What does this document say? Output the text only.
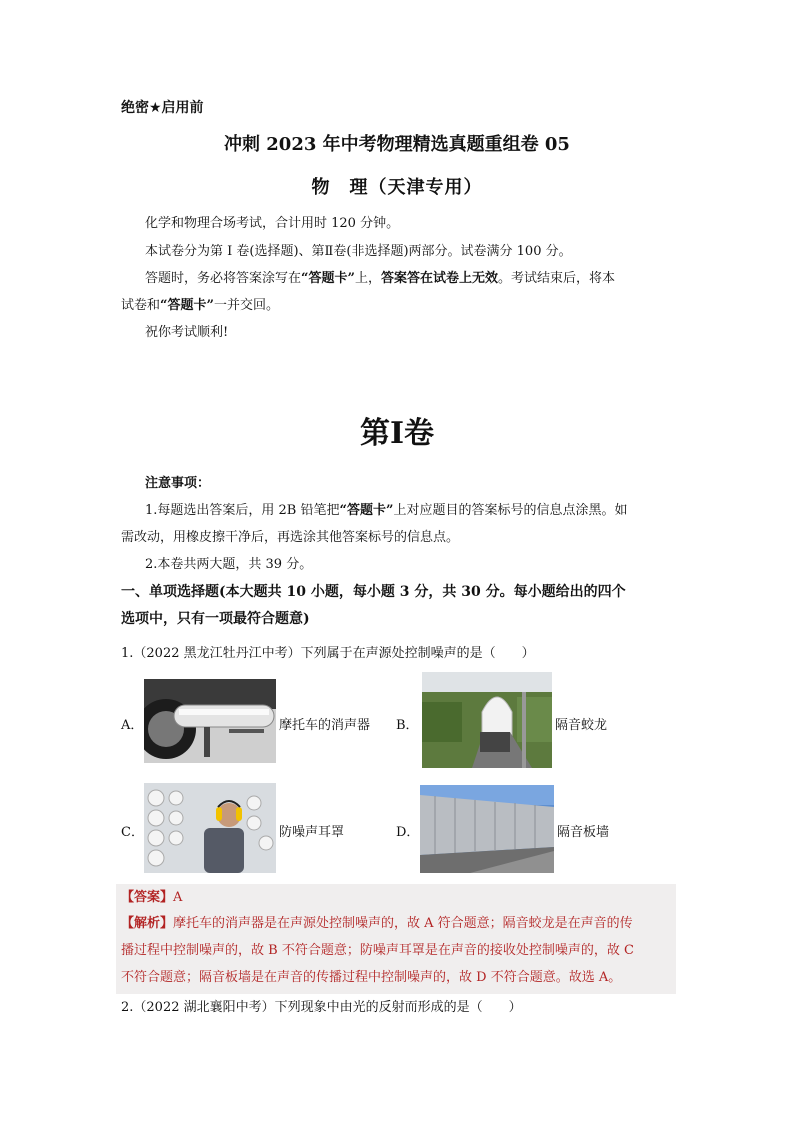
绝密★启用前
冲刺 2023 年中考物理精选真题重组卷 05
物　理（天津专用）
化学和物理合场考试，合计用时 120 分钟。
本试卷分为第 I 卷(选择题)、第Ⅱ卷(非选择题)两部分。试卷满分 100 分。
答题时，务必将答案涂写在“答题卡”上，答案答在试卷上无效。考试结束后，将本
试卷和“答题卡”一并交回。
祝你考试顺利!
第I卷
注意事项：
1.每题选出答案后，用 2B 铅笔把“答题卡”上对应题目的答案标号的信息点涂黑。如
需改动，用橡皮擦干净后，再选涂其他答案标号的信息点。
2.本卷共两大题，共 39 分。
一、单项选择题(本大题共 10 小题，每小题 3 分，共 30 分。每小题给出的四个
选项中，只有一项最符合题意)
1.（2022 黑龙江牡丹江中考）下列属于在声源处控制噪声的是（　　）
A．	摩托车的消声器 B．	隔音蛟龙
C．	防噪声耳罩	D．	隔音板墙
【答案】A
【解析】摩托车的消声器是在声源处控制噪声的，故 A 符合题意；隔音蛟龙是在声音的传
播过程中控制噪声的，故 B 不符合题意；防噪声耳罩是在声音的接收处控制噪声的，故 C
不符合题意；隔音板墙是在声音的传播过程中控制噪声的，故 D 不符合题意。故选 A。
2.（2022 湖北襄阳中考）下列现象中由光的反射而形成的是（　　）
